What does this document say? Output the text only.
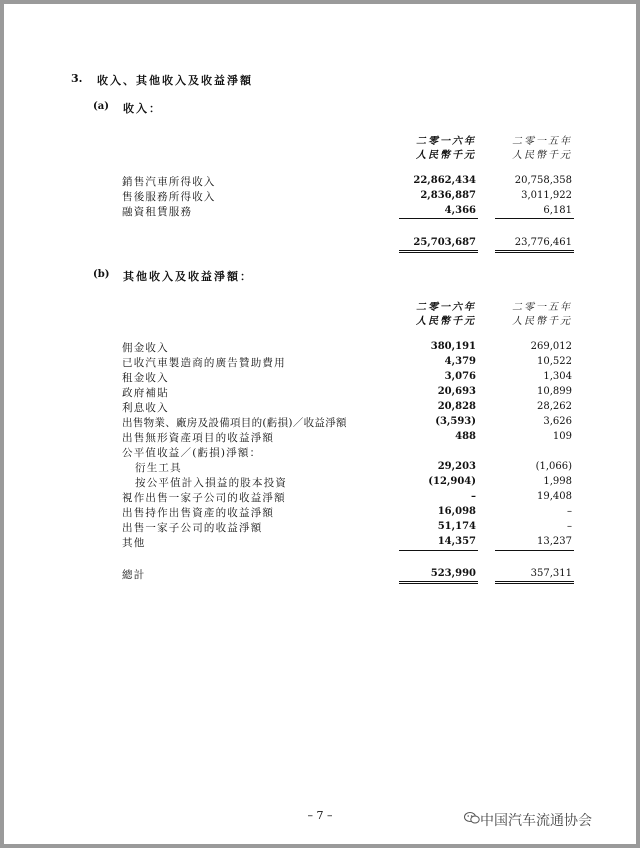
3. 收入、其他收入及收益淨額
(a) 收入：
二零一六年
人民幣千元
二零一五年
人民幣千元
銷售汽車所得收入	22,862,434	20,758,358
售後服務所得收入	2,836,887	3,011,922
融資租賃服務	4,366	6,181
25,703,687	23,776,461
(b) 其他收入及收益淨額：
二零一六年
人民幣千元
二零一五年
人民幣千元
佣金收入	380,191	269,012
已收汽車製造商的廣告贊助費用	4,379	10,522
租金收入	3,076	1,304
政府補貼	20,693	10,899
利息收入	20,828	28,262
出售物業、廠房及設備項目的(虧損)／收益淨額	(3,593)	3,626
出售無形資產項目的收益淨額	488	109
公平值收益／(虧損)淨額：
衍生工具	29,203	(1,066)
按公平值計入損益的股本投資	(12,904)	1,998
視作出售一家子公司的收益淨額	–	19,408
出售持作出售資產的收益淨額	16,098	–
出售一家子公司的收益淨額	51,174	–
其他	14,357	13,237
總計	523,990	357,311
– 7 –	中国汽车流通协会
